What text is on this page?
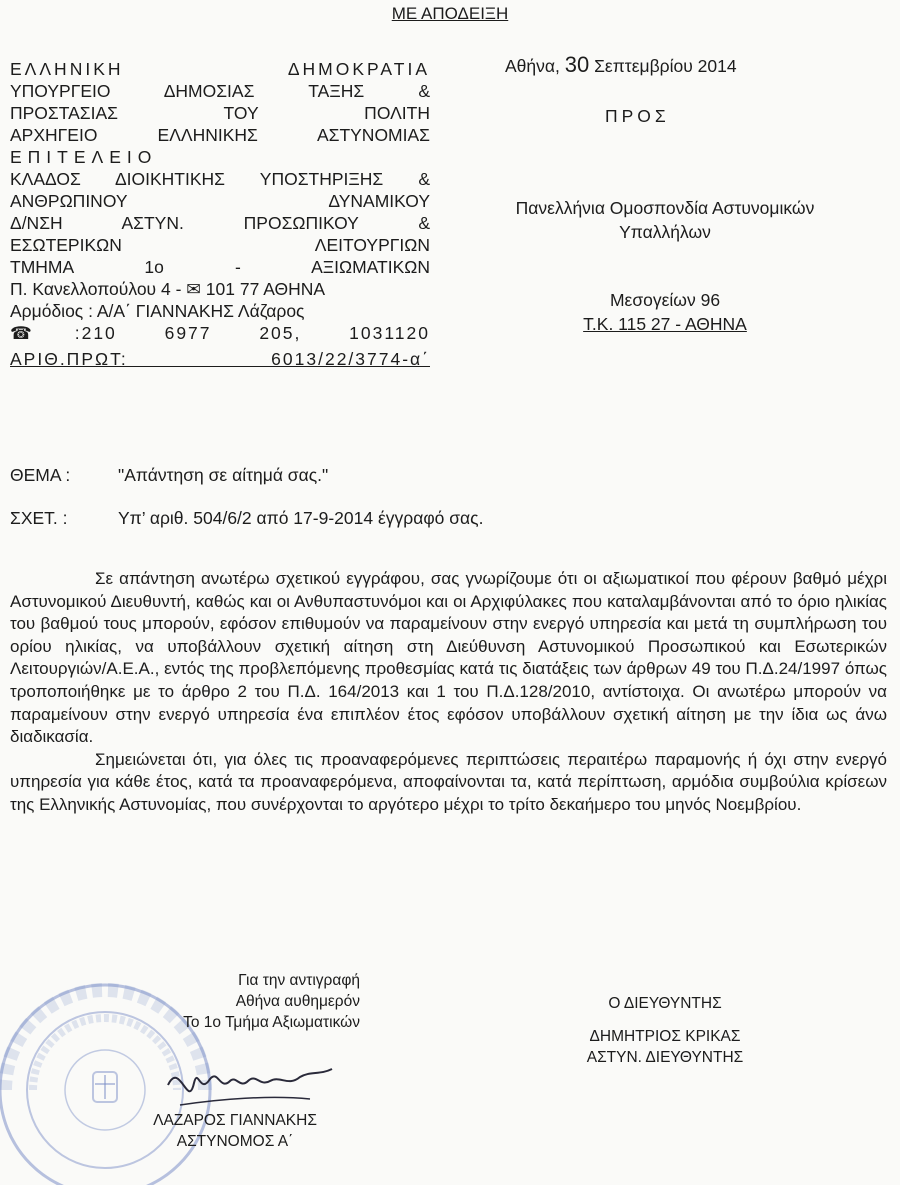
ΜΕ ΑΠΟΔΕΙΞΗ
ΕΛΛΗΝΙΚΗ ΔΗΜΟΚΡΑΤΙΑ
ΥΠΟΥΡΓΕΙΟ ΔΗΜΟΣΙΑΣ ΤΑΞΗΣ &
ΠΡΟΣΤΑΣΙΑΣ ΤΟΥ ΠΟΛΙΤΗ
ΑΡΧΗΓΕΙΟ ΕΛΛΗΝΙΚΗΣ ΑΣΤΥΝΟΜΙΑΣ
ΕΠΙΤΕΛΕΙΟ
ΚΛΑΔΟΣ ΔΙΟΙΚΗΤΙΚΗΣ ΥΠΟΣΤΗΡΙΞΗΣ &
ΑΝΘΡΩΠΙΝΟΥ ΔΥΝΑΜΙΚΟΥ
Δ/ΝΣΗ ΑΣΤΥΝ. ΠΡΟΣΩΠΙΚΟΥ &
ΕΣΩΤΕΡΙΚΩΝ ΛΕΙΤΟΥΡΓΙΩΝ
ΤΜΗΜΑ 1ο - ΑΞΙΩΜΑΤΙΚΩΝ
Π. Κανελλοπούλου 4 - ✉ 101 77 ΑΘΗΝΑ
Αρμόδιος : Α/Α΄ ΓΙΑΝΝΑΚΗΣ Λάζαρος
☎:210 6977 205, 1031120
ΑΡΙΘ.ΠΡΩΤ: 6013/22/3774-α΄
Αθήνα, 30 Σεπτεμβρίου 2014
ΠΡΟΣ
Πανελλήνια Ομοσπονδία Αστυνομικών
Υπαλλήλων
Μεσογείων 96
Τ.Κ. 115 27 - ΑΘΗΝΑ
ΘΕΜΑ :	"Απάντηση σε αίτημά σας."
ΣΧΕΤ. :	Υπ’ αριθ. 504/6/2 από 17-9-2014 έγγραφό σας.

Σε απάντηση ανωτέρω σχετικού εγγράφου, σας γνωρίζουμε ότι οι αξιωματικοί που φέρουν βαθμό μέχρι Αστυνομικού Διευθυντή, καθώς και οι Ανθυπαστυνόμοι και οι Αρχιφύλακες που καταλαμβάνονται από το όριο ηλικίας του βαθμού τους μπορούν, εφόσον επιθυμούν να παραμείνουν στην ενεργό υπηρεσία και μετά τη συμπλήρωση του ορίου ηλικίας, να υποβάλλουν σχετική αίτηση στη Διεύθυνση Αστυνομικού Προσωπικού και Εσωτερικών Λειτουργιών/Α.Ε.Α., εντός της προβλεπόμενης προθεσμίας κατά τις διατάξεις των άρθρων 49 του Π.Δ.24/1997 όπως τροποποιήθηκε με το άρθρο 2 του Π.Δ. 164/2013 και 1 του Π.Δ.128/2010, αντίστοιχα. Οι ανωτέρω μπορούν να παραμείνουν στην ενεργό υπηρεσία ένα επιπλέον έτος εφόσον υποβάλλουν σχετική αίτηση με την ίδια ως άνω διαδικασία.

Σημειώνεται ότι, για όλες τις προαναφερόμενες περιπτώσεις περαιτέρω παραμονής ή όχι στην ενεργό υπηρεσία για κάθε έτος, κατά τα προαναφερόμενα, αποφαίνονται τα, κατά περίπτωση, αρμόδια συμβούλια κρίσεων της Ελληνικής Αστυνομίας, που συνέρχονται το αργότερο μέχρι το τρίτο δεκαήμερο του μηνός Νοεμβρίου.

Για την αντιγραφή
Αθήνα αυθημερόν
Το 1ο Τμήμα Αξιωματικών
ΛΑΖΑΡΟΣ ΓΙΑΝΝΑΚΗΣ
ΑΣΤΥΝΟΜΟΣ Α΄
Ο ΔΙΕΥΘΥΝΤΗΣ
ΔΗΜΗΤΡΙΟΣ ΚΡΙΚΑΣ
ΑΣΤΥΝ. ΔΙΕΥΘΥΝΤΗΣ
